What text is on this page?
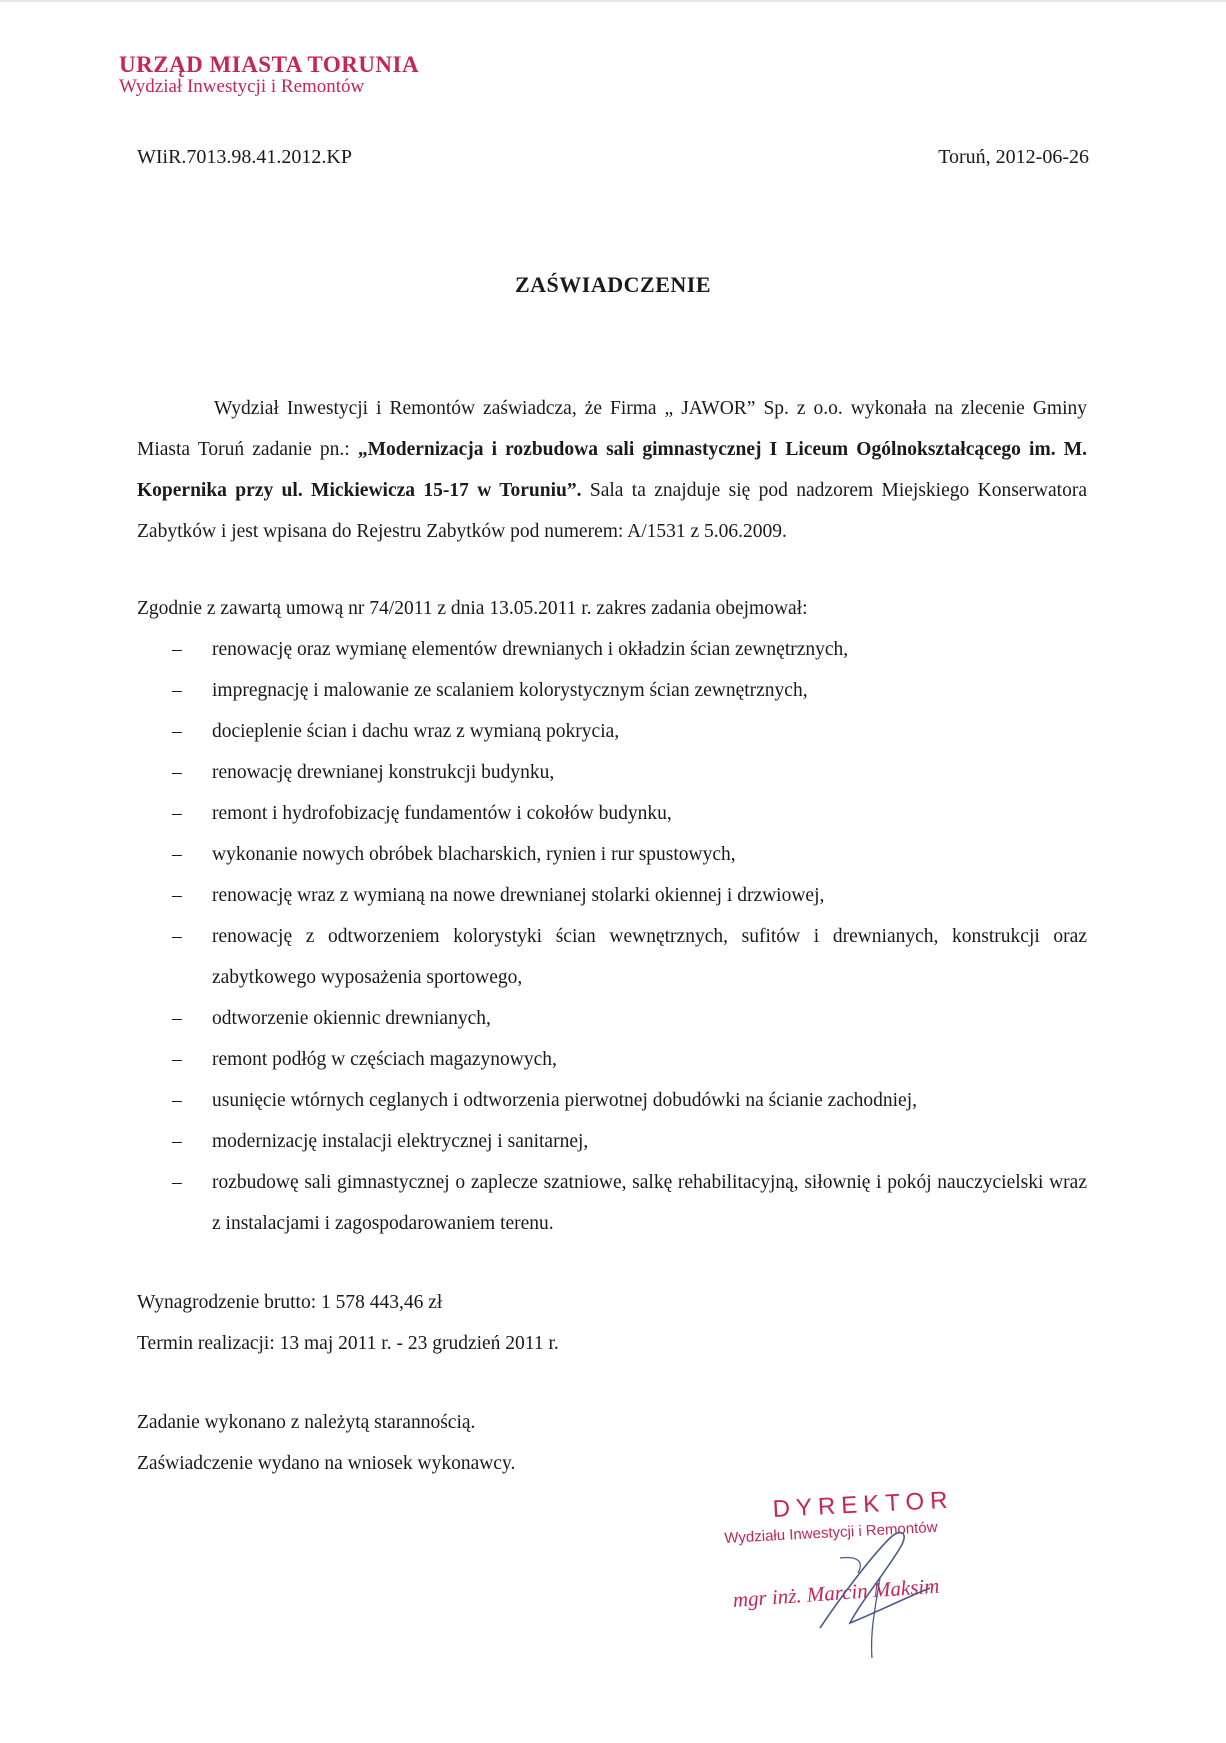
URZĄD MIASTA TORUNIA
Wydział Inwestycji i Remontów
WIiR.7013.98.41.2012.KP	Toruń, 2012-06-26
ZAŚWIADCZENIE

Wydział Inwestycji i Remontów zaświadcza, że Firma „ JAWOR” Sp. z o.o. wykonała na zlecenie Gminy Miasta Toruń zadanie pn.: „Modernizacja i rozbudowa sali gimnastycznej I Liceum Ogólnokształcącego im. M. Kopernika przy ul. Mickiewicza 15-17 w Toruniu”. Sala ta znajduje się pod nadzorem Miejskiego Konserwatora Zabytków i jest wpisana do Rejestru Zabytków pod numerem: A/1531 z 5.06.2009.

Zgodnie z zawartą umową nr 74/2011 z dnia 13.05.2011 r. zakres zadania obejmował:

– renowację oraz wymianę elementów drewnianych i okładzin ścian zewnętrznych,
– impregnację i malowanie ze scalaniem kolorystycznym ścian zewnętrznych,
– docieplenie ścian i dachu wraz z wymianą pokrycia,
– renowację drewnianej konstrukcji budynku,
– remont i hydrofobizację fundamentów i cokołów budynku,
– wykonanie nowych obróbek blacharskich, rynien i rur spustowych,
– renowację wraz z wymianą na nowe drewnianej stolarki okiennej i drzwiowej,
– renowację z odtworzeniem kolorystyki ścian wewnętrznych, sufitów i drewnianych, konstrukcji oraz zabytkowego wyposażenia sportowego,
– odtworzenie okiennic drewnianych,
– remont podłóg w częściach magazynowych,
– usunięcie wtórnych ceglanych i odtworzenia pierwotnej dobudówki na ścianie zachodniej,
– modernizację instalacji elektrycznej i sanitarnej,
– rozbudowę sali gimnastycznej o zaplecze szatniowe, salkę rehabilitacyjną, siłownię i pokój nauczycielski wraz z instalacjami i zagospodarowaniem terenu.

Wynagrodzenie brutto: 1 578 443,46 zł

Termin realizacji: 13 maj 2011 r. - 23 grudzień 2011 r.

Zadanie wykonano z należytą starannością.

Zaświadczenie wydano na wniosek wykonawcy.

DYREKTOR
Wydziału Inwestycji i Remontów
mgr inż. Marcin Maksim
